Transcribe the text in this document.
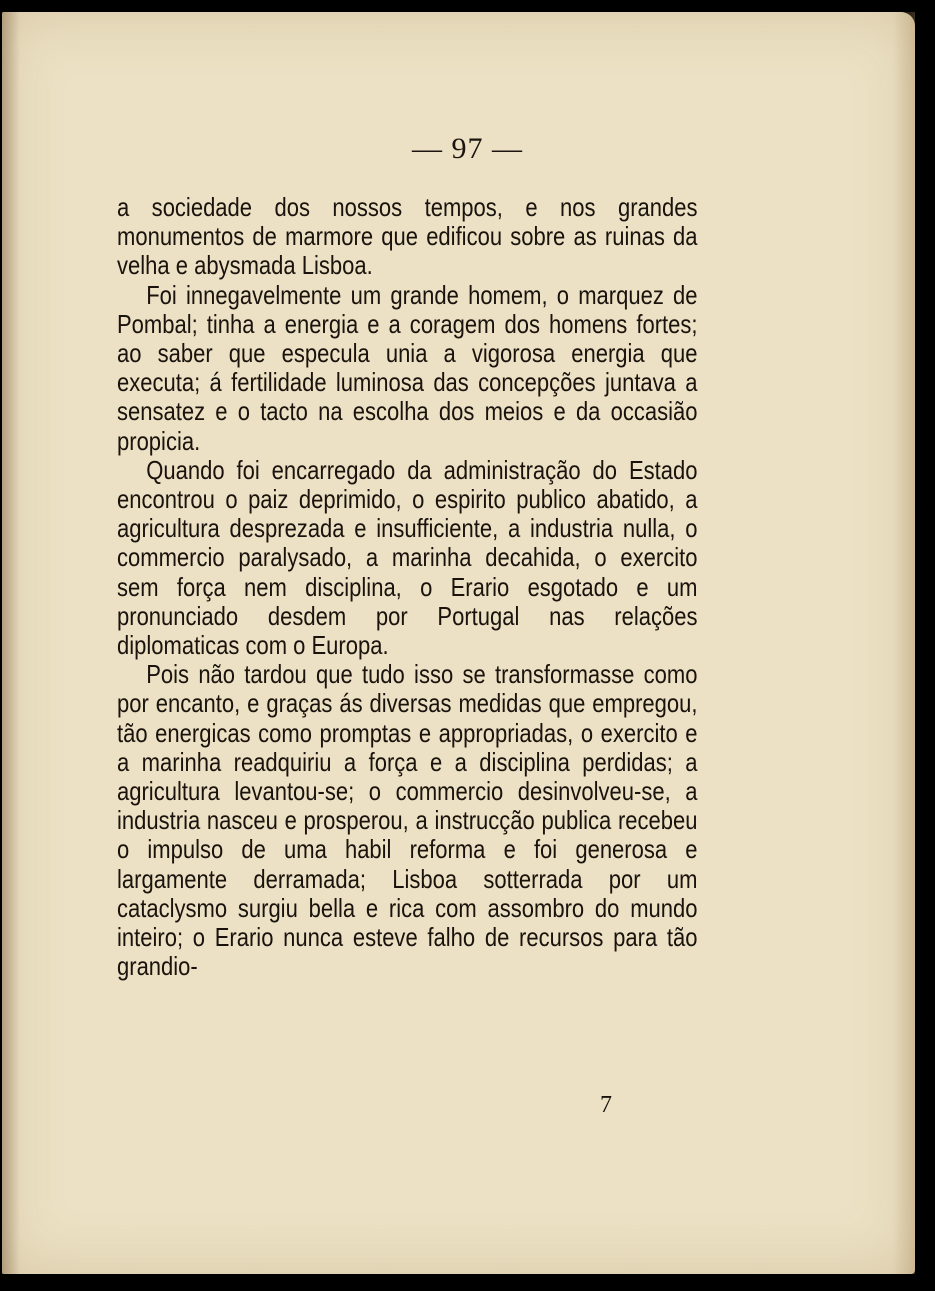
— 97 —

a sociedade dos nossos tempos, e nos grandes monumentos de marmore que edificou sobre as ruinas da velha e abysmada Lisboa.

Foi innegavelmente um grande homem, o marquez de Pombal; tinha a energia e a coragem dos homens fortes; ao saber que especula unia a vigorosa energia que executa; á fertilidade luminosa das concepções juntava a sensatez e o tacto na escolha dos meios e da occasião propicia.

Quando foi encarregado da administração do Estado encontrou o paiz deprimido, o espirito publico abatido, a agricultura desprezada e insufficiente, a industria nulla, o commercio paralysado, a marinha decahida, o exercito sem força nem disciplina, o Erario esgotado e um pronunciado desdem por Portugal nas relações diplomaticas com o Europa.

Pois não tardou que tudo isso se transformasse como por encanto, e graças ás diversas medidas que empregou, tão energicas como promptas e appropriadas, o exercito e a marinha readquiriu a força e a disciplina perdidas; a agricultura levantou-se; o commercio desinvolveu-se, a industria nasceu e prosperou, a instrucção publica recebeu o impulso de uma habil reforma e foi generosa e largamente derramada; Lisboa sotterrada por um cataclysmo surgiu bella e rica com assombro do mundo inteiro; o Erario nunca esteve falho de recursos para tão grandio-

7
